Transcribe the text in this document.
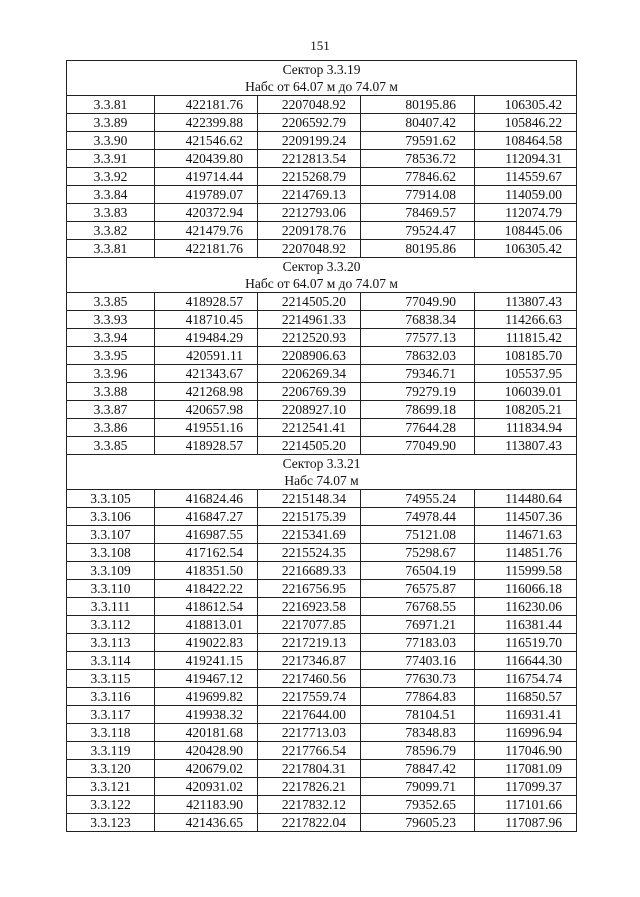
151
Сектор 3.3.19
Набс от 64.07 м до 74.07 м				

3.3.81	422181.76	2207048.92	80195.86	106305.42
3.3.89	422399.88	2206592.79	80407.42	105846.22
3.3.90	421546.62	2209199.24	79591.62	108464.58
3.3.91	420439.80	2212813.54	78536.72	112094.31
3.3.92	419714.44	2215268.79	77846.62	114559.67
3.3.84	419789.07	2214769.13	77914.08	114059.00
3.3.83	420372.94	2212793.06	78469.57	112074.79
3.3.82	421479.76	2209178.76	79524.47	108445.06
3.3.81	422181.76	2207048.92	80195.86	106305.42

Сектор 3.3.20
Набс от 64.07 м до 74.07 м				

3.3.85	418928.57	2214505.20	77049.90	113807.43
3.3.93	418710.45	2214961.33	76838.34	114266.63
3.3.94	419484.29	2212520.93	77577.13	111815.42
3.3.95	420591.11	2208906.63	78632.03	108185.70
3.3.96	421343.67	2206269.34	79346.71	105537.95
3.3.88	421268.98	2206769.39	79279.19	106039.01
3.3.87	420657.98	2208927.10	78699.18	108205.21
3.3.86	419551.16	2212541.41	77644.28	111834.94
3.3.85	418928.57	2214505.20	77049.90	113807.43

Сектор 3.3.21
Набс 74.07 м				

3.3.105	416824.46	2215148.34	74955.24	114480.64
3.3.106	416847.27	2215175.39	74978.44	114507.36
3.3.107	416987.55	2215341.69	75121.08	114671.63
3.3.108	417162.54	2215524.35	75298.67	114851.76
3.3.109	418351.50	2216689.33	76504.19	115999.58
3.3.110	418422.22	2216756.95	76575.87	116066.18
3.3.111	418612.54	2216923.58	76768.55	116230.06
3.3.112	418813.01	2217077.85	76971.21	116381.44
3.3.113	419022.83	2217219.13	77183.03	116519.70
3.3.114	419241.15	2217346.87	77403.16	116644.30
3.3.115	419467.12	2217460.56	77630.73	116754.74
3.3.116	419699.82	2217559.74	77864.83	116850.57
3.3.117	419938.32	2217644.00	78104.51	116931.41
3.3.118	420181.68	2217713.03	78348.83	116996.94
3.3.119	420428.90	2217766.54	78596.79	117046.90
3.3.120	420679.02	2217804.31	78847.42	117081.09
3.3.121	420931.02	2217826.21	79099.71	117099.37
3.3.122	421183.90	2217832.12	79352.65	117101.66
3.3.123	421436.65	2217822.04	79605.23	117087.96
